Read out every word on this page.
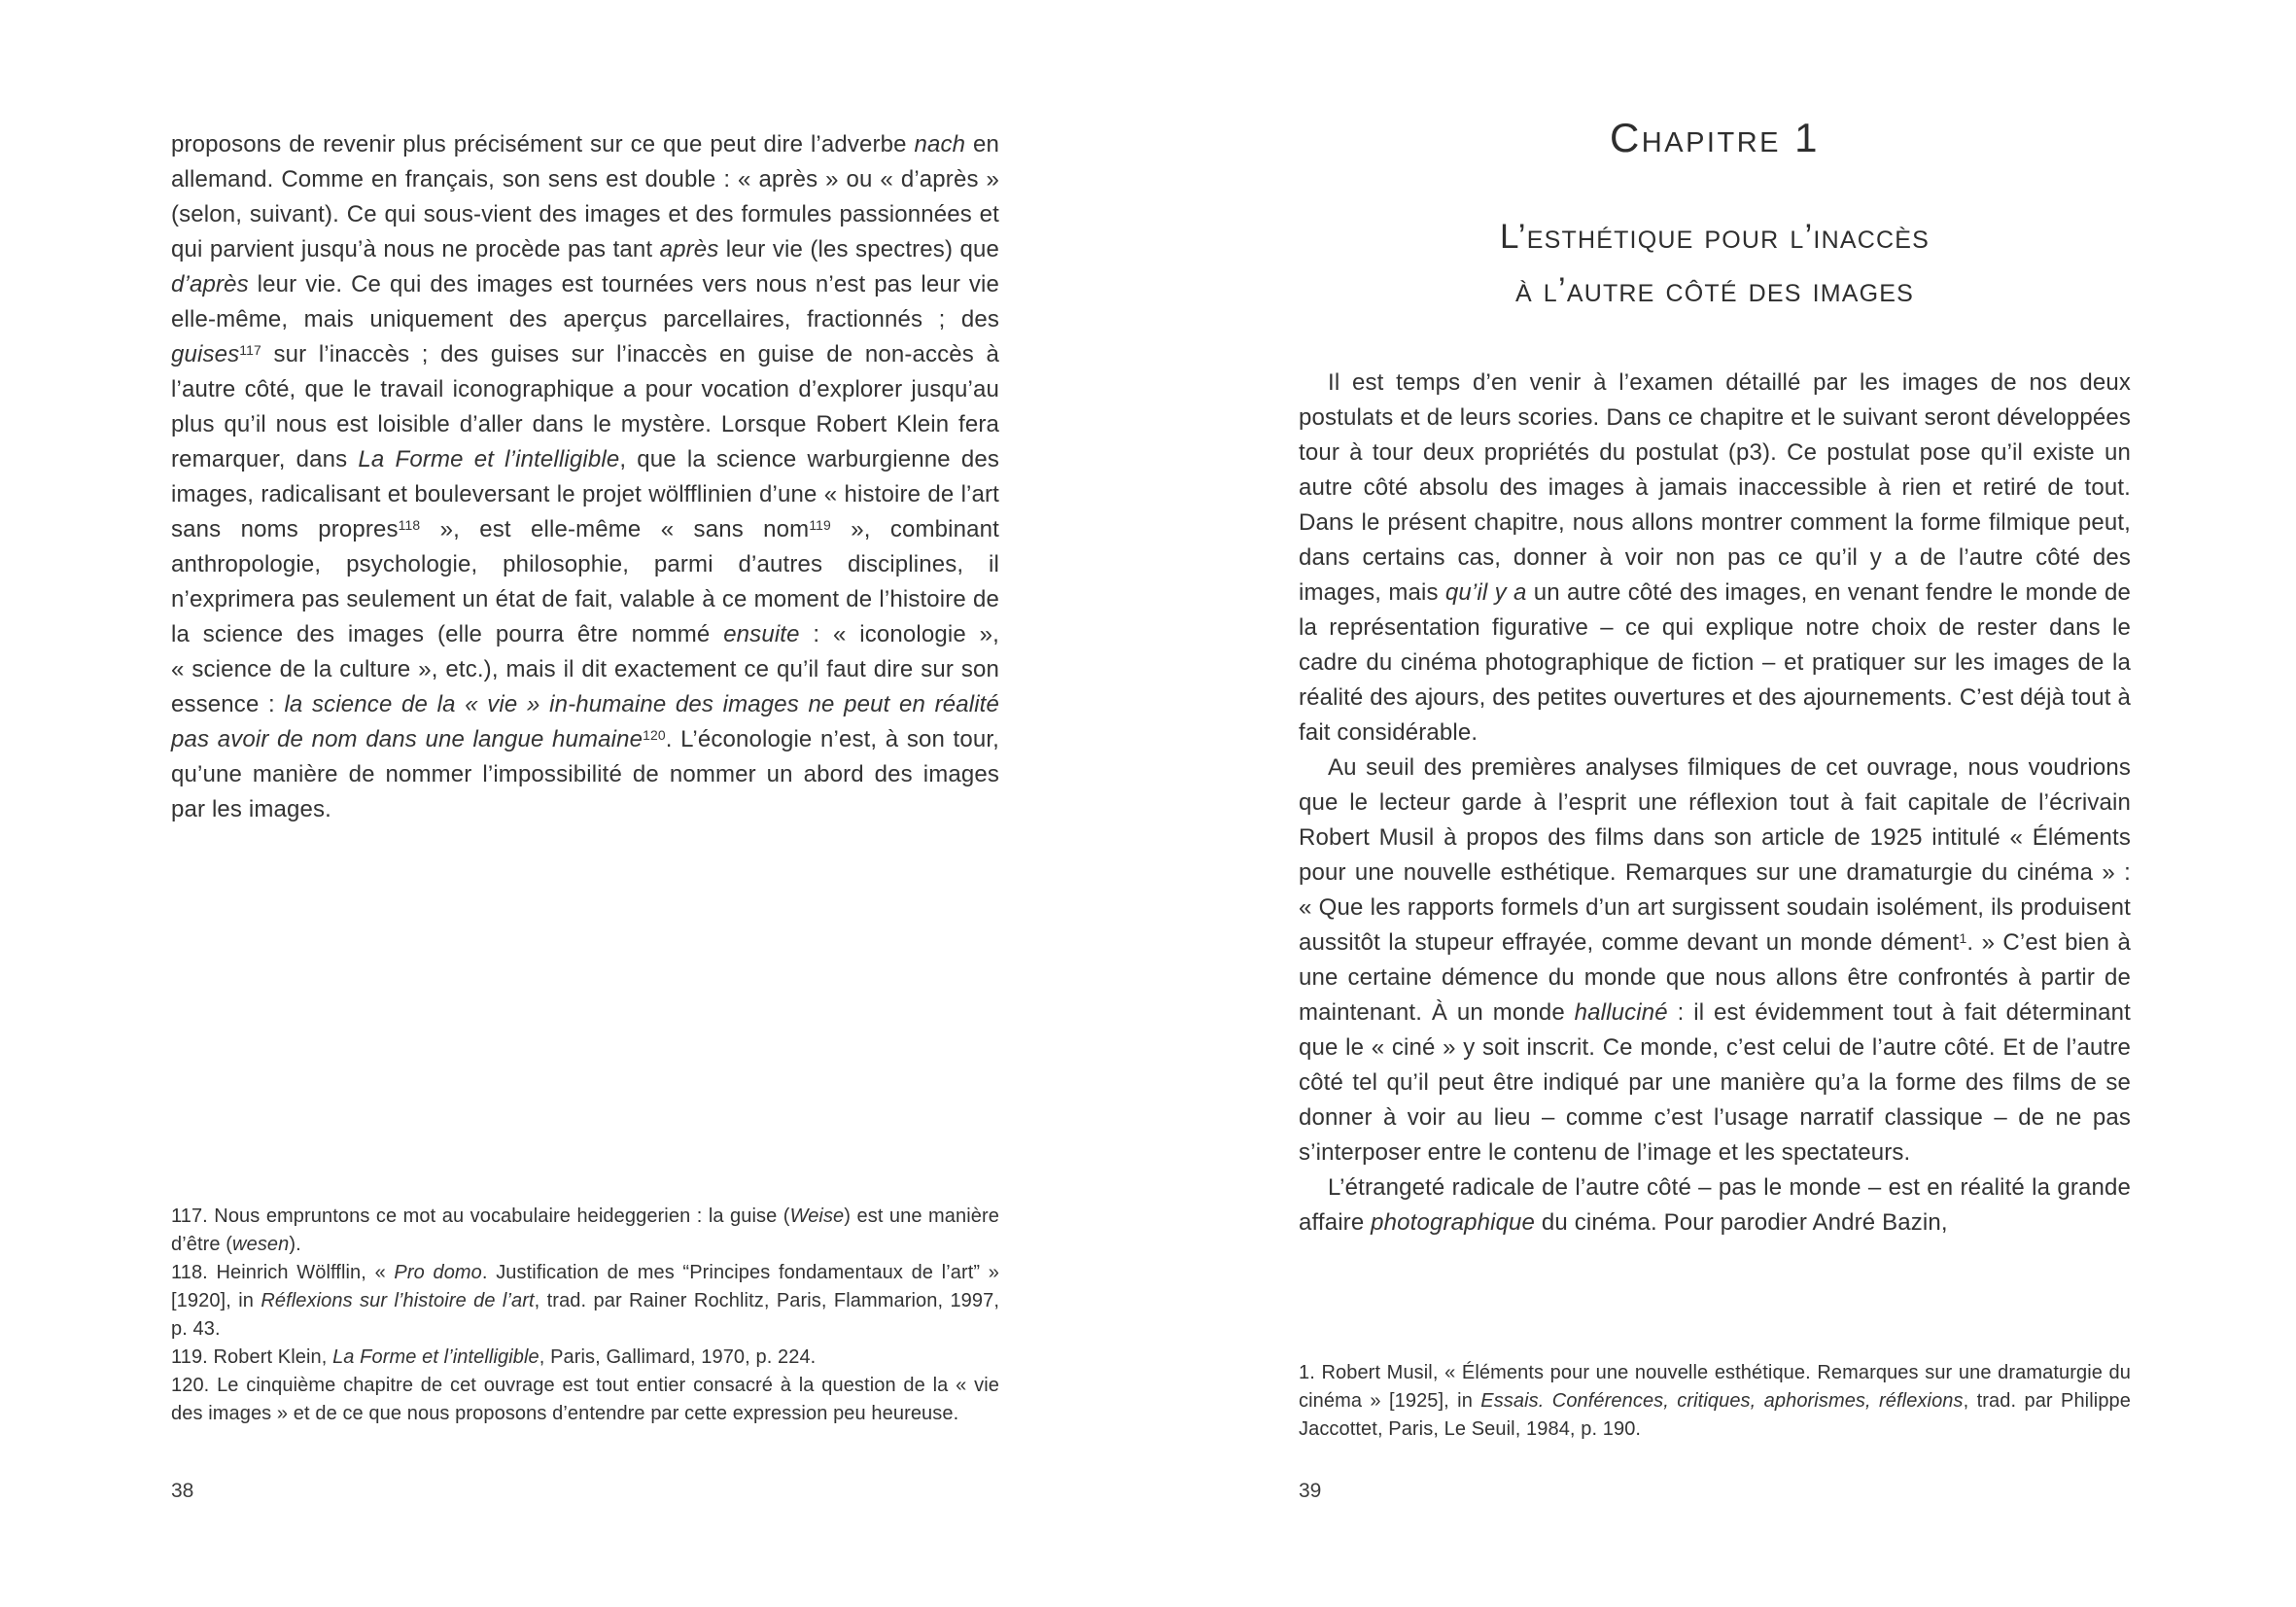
proposons de revenir plus précisément sur ce que peut dire l’adverbe nach en allemand. Comme en français, son sens est double : « après » ou « d’après » (selon, suivant). Ce qui sous-vient des images et des formules passionnées et qui parvient jusqu’à nous ne procède pas tant après leur vie (les spectres) que d’après leur vie. Ce qui des images est tournées vers nous n’est pas leur vie elle-même, mais uniquement des aperçus parcellaires, fractionnés ; des guises$^{117}$ sur l’inaccès ; des guises sur l’inaccès en guise de non-accès à l’autre côté, que le travail iconographique a pour vocation d’explorer jusqu’au plus qu’il nous est loisible d’aller dans le mystère. Lorsque Robert Klein fera remarquer, dans La Forme et l’intelligible, que la science warburgienne des images, radicalisant et bouleversant le projet wölfflinien d’une « histoire de l’art sans noms propres$^{118}$ », est elle-même « sans nom$^{119}$ », combinant anthropologie, psychologie, philosophie, parmi d’autres disciplines, il n’exprimera pas seulement un état de fait, valable à ce moment de l’histoire de la science des images (elle pourra être nommé ensuite : « iconologie », « science de la culture », etc.), mais il dit exactement ce qu’il faut dire sur son essence : la science de la « vie » in-humaine des images ne peut en réalité pas avoir de nom dans une langue humaine$^{120}$. L’éconologie n’est, à son tour, qu’une manière de nommer l’impossibilité de nommer un abord des images par les images.

117. Nous empruntons ce mot au vocabulaire heideggerien : la guise (Weise) est une manière d’être (wesen).

118. Heinrich Wölfflin, « Pro domo. Justification de mes “Principes fondamentaux de l’art” » [1920], in Réflexions sur l’histoire de l’art, trad. par Rainer Rochlitz, Paris, Flammarion, 1997, p. 43.

119. Robert Klein, La Forme et l’intelligible, Paris, Gallimard, 1970, p. 224.

120. Le cinquième chapitre de cet ouvrage est tout entier consacré à la question de la « vie des images » et de ce que nous proposons d’entendre par cette expression peu heureuse.

38
Chapitre 1
L’esthétique pour l’inaccès
à l’autre côté des images

Il est temps d’en venir à l’examen détaillé par les images de nos deux postulats et de leurs scories. Dans ce chapitre et le suivant seront développées tour à tour deux propriétés du postulat (p3). Ce postulat pose qu’il existe un autre côté absolu des images à jamais inaccessible à rien et retiré de tout. Dans le présent chapitre, nous allons montrer comment la forme filmique peut, dans certains cas, donner à voir non pas ce qu’il y a de l’autre côté des images, mais qu’il y a un autre côté des images, en venant fendre le monde de la représentation figurative – ce qui explique notre choix de rester dans le cadre du cinéma photographique de fiction – et pratiquer sur les images de la réalité des ajours, des petites ouvertures et des ajournements. C’est déjà tout à fait considérable.

Au seuil des premières analyses filmiques de cet ouvrage, nous voudrions que le lecteur garde à l’esprit une réflexion tout à fait capitale de l’écrivain Robert Musil à propos des films dans son article de 1925 intitulé « Éléments pour une nouvelle esthétique. Remarques sur une dramaturgie du cinéma » : « Que les rapports formels d’un art surgissent soudain isolément, ils produisent aussitôt la stupeur effrayée, comme devant un monde dément$^1$. » C’est bien à une certaine démence du monde que nous allons être confrontés à partir de maintenant. À un monde halluciné : il est évidemment tout à fait déterminant que le « ciné » y soit inscrit. Ce monde, c’est celui de l’autre côté. Et de l’autre côté tel qu’il peut être indiqué par une manière qu’a la forme des films de se donner à voir au lieu – comme c’est l’usage narratif classique – de ne pas s’interposer entre le contenu de l’image et les spectateurs.

L’étrangeté radicale de l’autre côté – pas le monde – est en réalité la grande affaire photographique du cinéma. Pour parodier André Bazin,

1. Robert Musil, « Éléments pour une nouvelle esthétique. Remarques sur une dramaturgie du cinéma » [1925], in Essais. Conférences, critiques, aphorismes, réflexions, trad. par Philippe Jaccottet, Paris, Le Seuil, 1984, p. 190.

39
